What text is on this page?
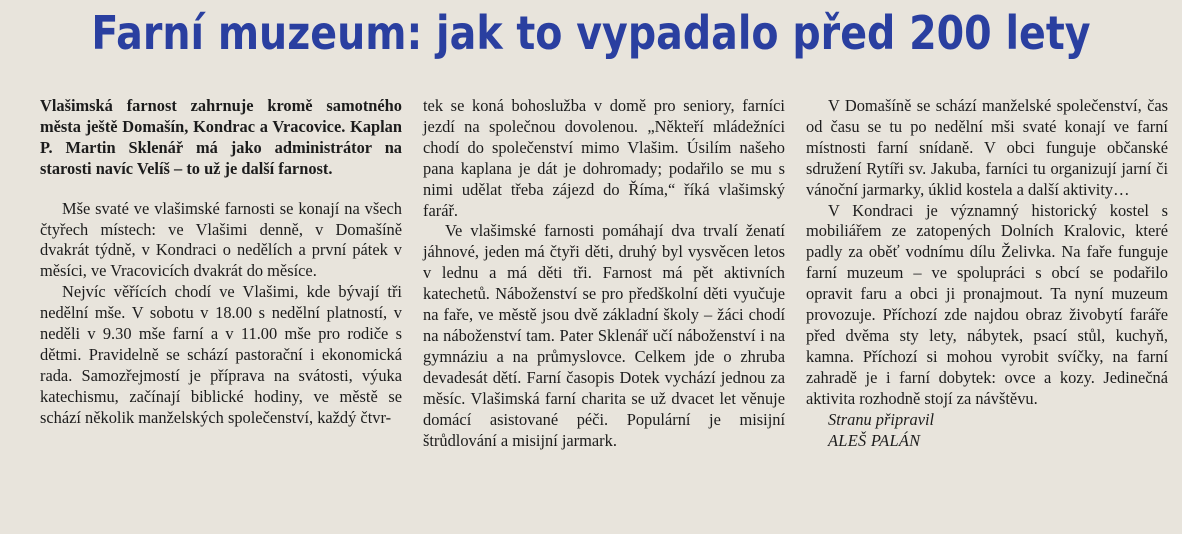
Farní muzeum: jak to vypadalo před 200 lety

Vlašimská farnost zahrnuje kromě samotného města ještě Domašín, Kondrac a Vracovice. Kaplan P. Martin Sklenář má jako administrátor na starosti navíc Velíš – to už je další farnost.

Mše svaté ve vlašimské farnosti se konají na všech čtyřech místech: ve Vlašimi denně, v Domašíně dvakrát týdně, v Kondraci o nedělích a první pátek v měsíci, ve Vracovicích dvakrát do měsíce.

Nejvíc věřících chodí ve Vlašimi, kde bývají tři nedělní mše. V sobotu v 18.00 s nedělní platností, v neděli v 9.30 mše farní a v 11.00 mše pro rodiče s dětmi. Pravidelně se schází pastorační i ekonomická rada. Samozřejmostí je příprava na svátosti, výuka katechismu, začínají biblické hodiny, ve městě se schází několik manželských společenství, každý čtvr-

tek se koná bohoslužba v domě pro seniory, farníci jezdí na společnou dovolenou. „Někteří mládežníci chodí do společenství mimo Vlašim. Úsilím našeho pana kaplana je dát je dohromady; podařilo se mu s nimi udělat třeba zájezd do Říma,“ říká vlašimský farář.

Ve vlašimské farnosti pomáhají dva trvalí ženatí jáhnové, jeden má čtyři děti, druhý byl vysvěcen letos v lednu a má děti tři. Farnost má pět aktivních katechetů. Náboženství se pro předškolní děti vyučuje na faře, ve městě jsou dvě základní školy – žáci chodí na náboženství tam. Pater Sklenář učí náboženství i na gymnáziu a na průmyslovce. Celkem jde o zhruba devadesát dětí. Farní časopis Dotek vychází jednou za měsíc. Vlašimská farní charita se už dvacet let věnuje domácí asistované péči. Populární je misijní štrůdlování a misijní jarmark.

V Domašíně se schází manželské společenství, čas od času se tu po nedělní mši svaté konají ve farní místnosti farní snídaně. V obci funguje občanské sdružení Rytíři sv. Jakuba, farníci tu organizují jarní či vánoční jarmarky, úklid kostela a další aktivity…

V Kondraci je významný historický kostel s mobiliářem ze zatopených Dolních Kralovic, které padly za oběť vodnímu dílu Želivka. Na faře funguje farní muzeum – ve spolupráci s obcí se podařilo opravit faru a obci ji pronajmout. Ta nyní muzeum provozuje. Příchozí zde najdou obraz živobytí faráře před dvěma sty lety, nábytek, psací stůl, kuchyň, kamna. Příchozí si mohou vyrobit svíčky, na farní zahradě je i farní dobytek: ovce a kozy. Jedinečná aktivita rozhodně stojí za návštěvu.

Stranu připravil

ALEŠ PALÁN
